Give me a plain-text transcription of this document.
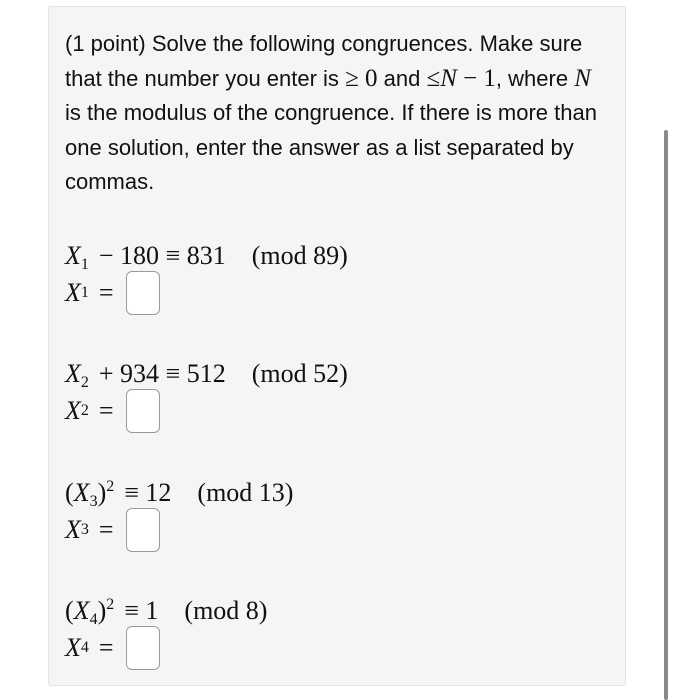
(1 point) Solve the following congruences. Make sure that the number you enter is ≥ 0 and ≤N − 1, where N is the modulus of the congruence. If there is more than one solution, enter the answer as a list separated by commas.
$X_1 - 180 \equiv 831$ (mod 89)
X 1 =
$X_2 + 934 \equiv 512$ (mod 52)
X 2 =
$(X_3)^2 \equiv 12$ (mod 13)
X 3 =
$(X_4)^2 \equiv 1$ (mod 8)
X 4 =
